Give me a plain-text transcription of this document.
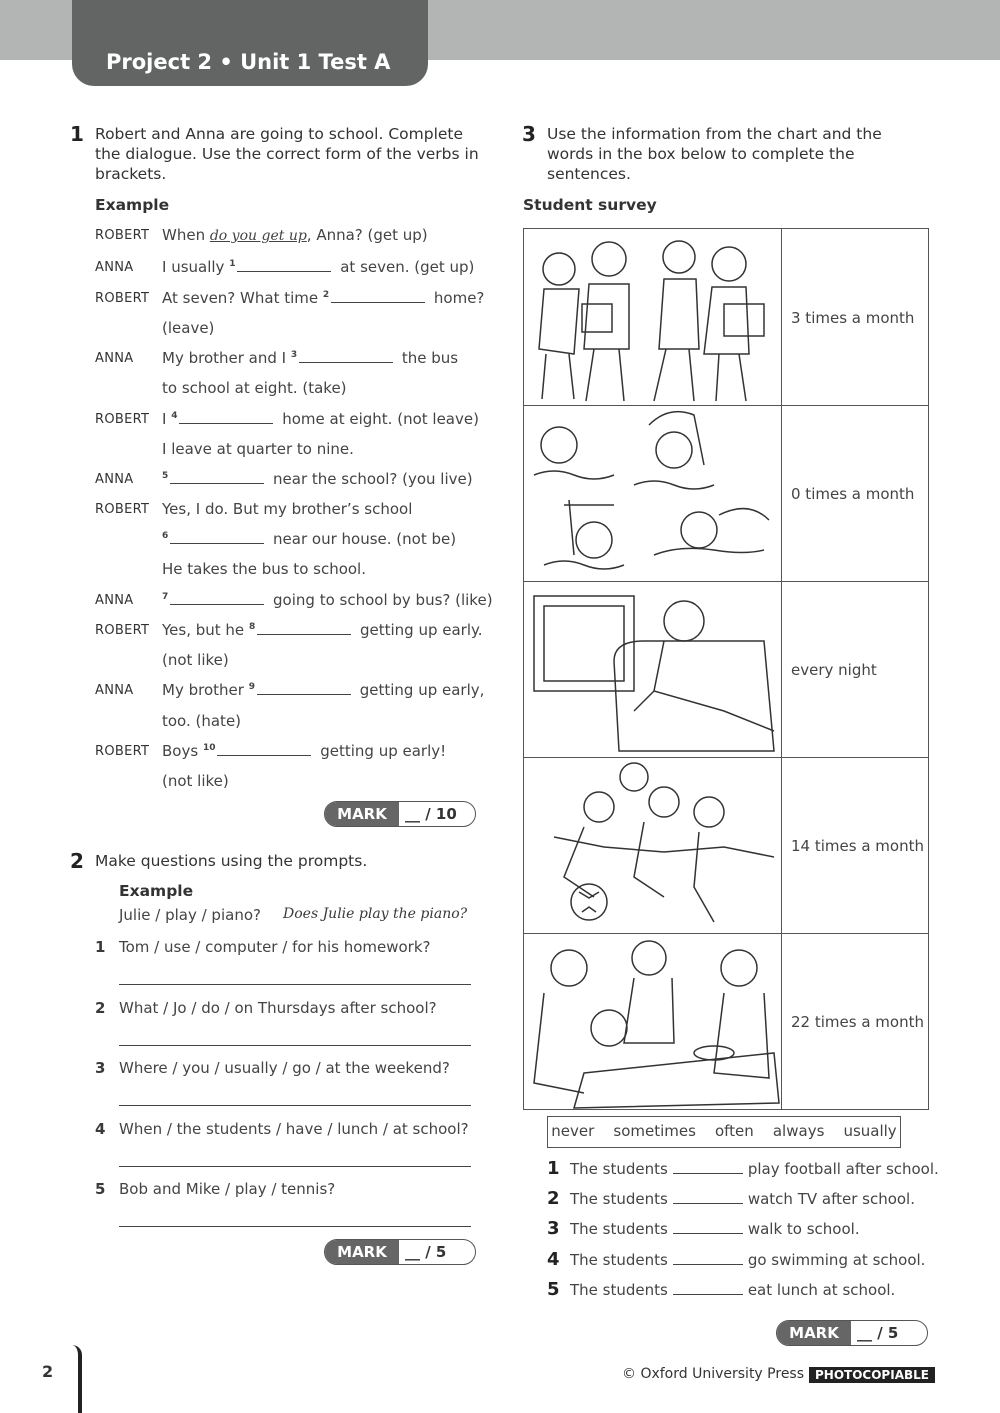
Project 2 • Unit 1 Test A
1 Robert and Anna are going to school. Complete the dialogue. Use the correct form of the verbs in brackets.
Example
ROBERT When do you get up, Anna? (get up)
ANNA I usually $^1$	at seven. (get up)
ROBERT At seven? What time $^2$	home?
(leave)
ANNA My brother and I $^3$	the bus
to school at eight. (take)
ROBERT I $^4$	home at eight. (not leave)
I leave at quarter to nine.
ANNA	$^5$	near the school? (you live)
ROBERT Yes, I do. But my brother’s school
$^6$	near our house. (not be)
He takes the bus to school.
ANNA	$^7$	going to school by bus? (like)
ROBERT Yes, but he $^8$	getting up early.
(not like)
ANNA My brother $^9$	getting up early,
too. (hate)
ROBERT Boys $^{10}$	getting up early!
(not like)
MARK	__ / 10
2 Make questions using the prompts.
Example
Julie / play / piano? Does Julie play the piano?
1 Tom / use / computer / for his homework?
2 What / Jo / do / on Thursdays after school?
3 Where / you / usually / go / at the weekend?
4 When / the students / have / lunch / at school?
5 Bob and Mike / play / tennis?
MARK	__ / 5
3 Use the information from the chart and the words in the box below to complete the sentences.
Student survey
3 times a month
0 times a month
every night
14 times a month
22 times a month
never    sometimes    often    always    usually
1 The students	play football after school.
2 The students	watch TV after school.
3 The students	walk to school.
4 The students	go swimming at school.
5 The students	eat lunch at school.
MARK	__ / 5
2	© Oxford University Press PHOTOCOPIABLE
